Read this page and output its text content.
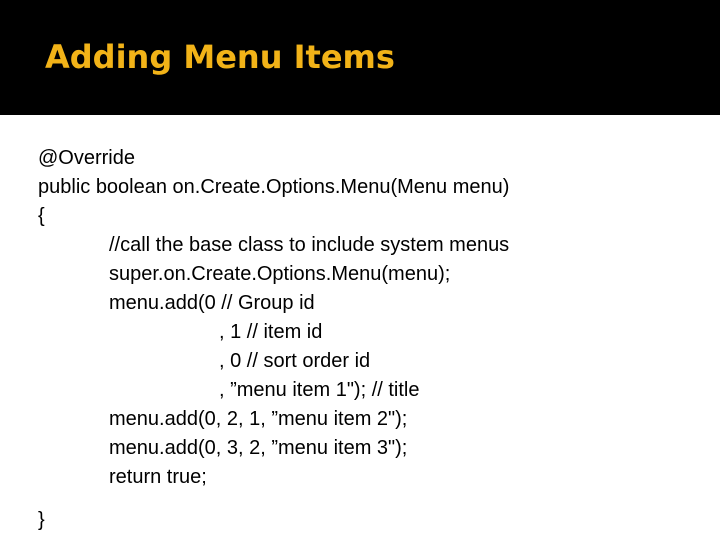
Adding Menu Items
@Override
public boolean on.Create.Options.Menu(Menu menu)
{
//call the base class to include system menus
super.on.Create.Options.Menu(menu);
menu.add(0 // Group id
, 1 // item id
, 0 // sort order id
, ”menu item 1"); // title
menu.add(0, 2, 1, ”menu item 2");
menu.add(0, 3, 2, ”menu item 3");
return true;
}
